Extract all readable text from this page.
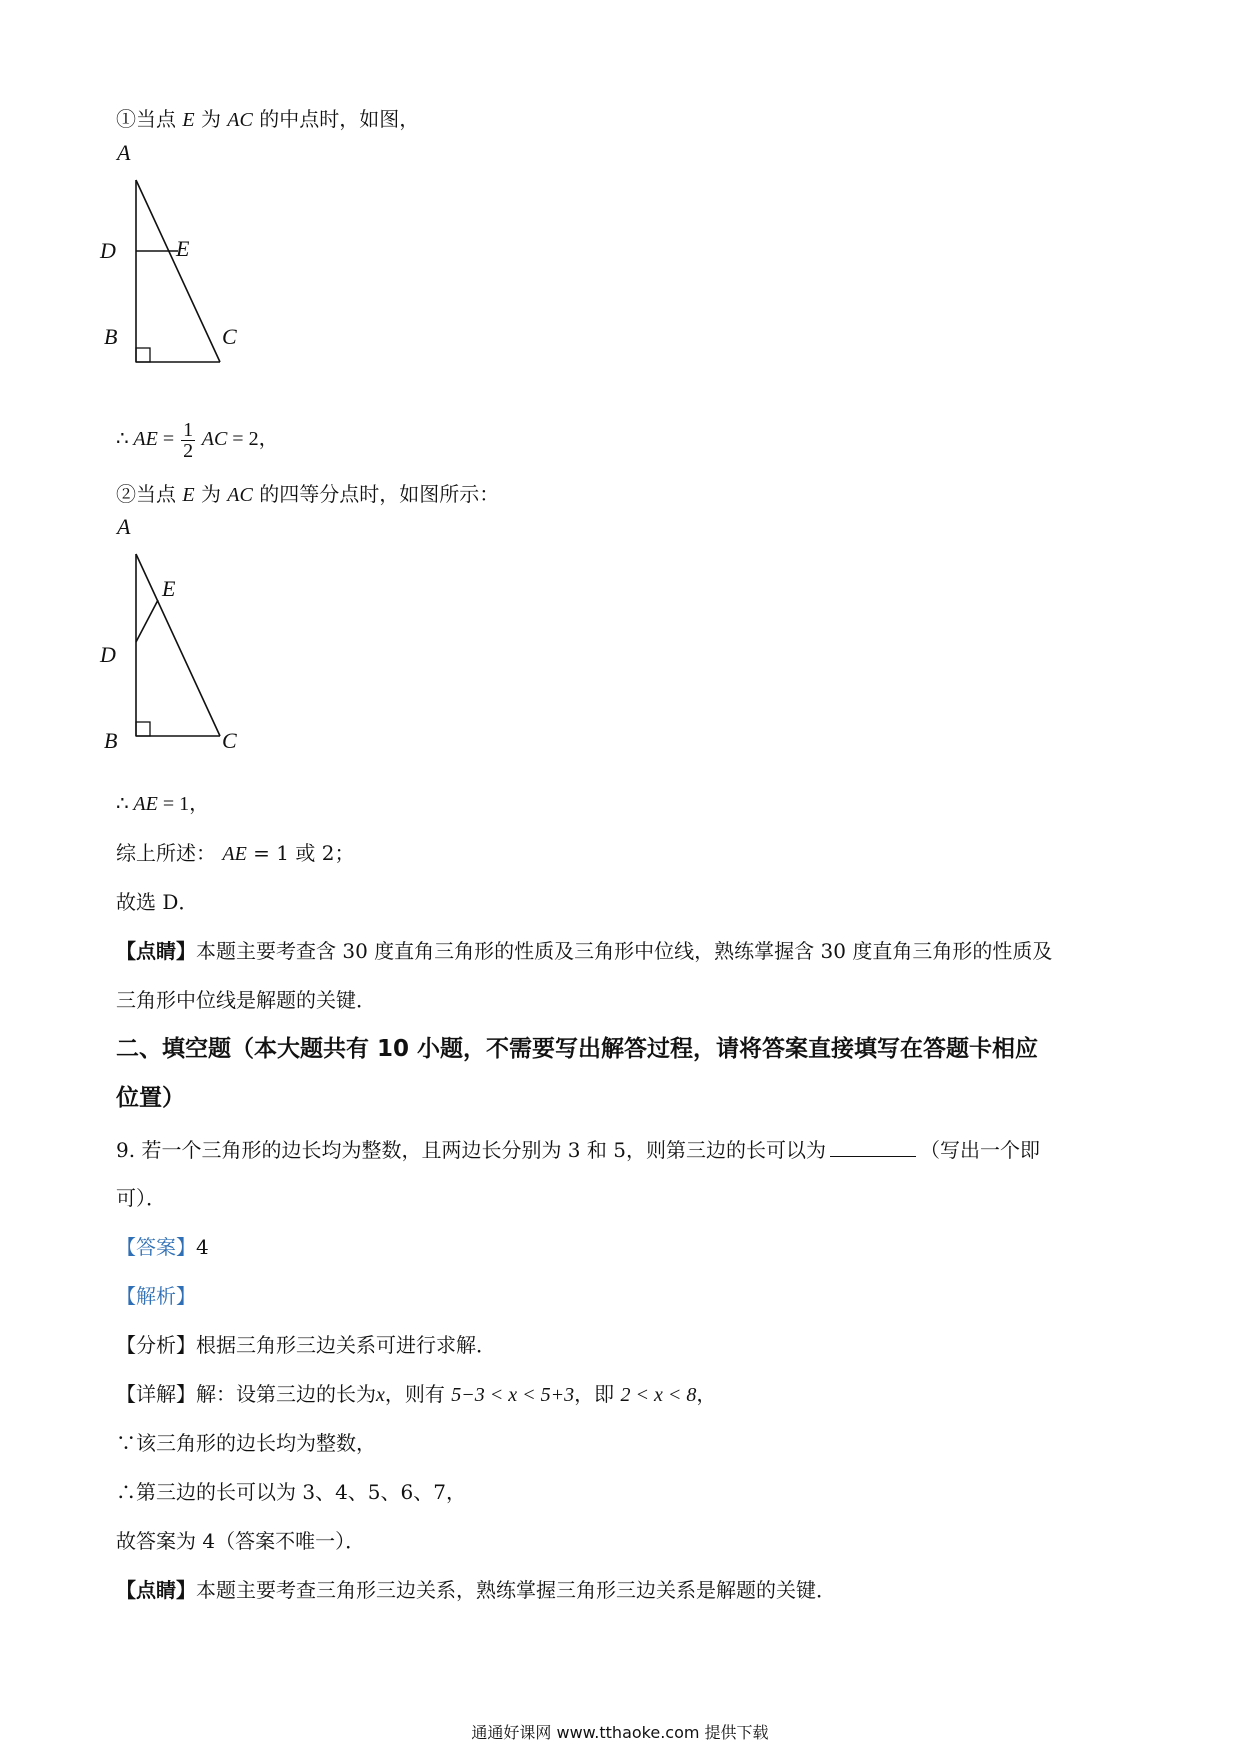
①当点 E 为 AC 的中点时，如图，
A
D	E
B	C
∴ AE = $\frac{1}{2}$ AC = 2，
②当点 E 为 AC 的四等分点时，如图所示：
A
D
E
B	C
∴ AE = 1，
综上所述： AE = 1 或 2；
故选 D．
【点睛】本题主要考查含 30 度直角三角形的性质及三角形中位线，熟练掌握含 30 度直角三角形的性质及
三角形中位线是解题的关键．
二、填空题（本大题共有 10 小题，不需要写出解答过程，请将答案直接填写在答题卡相应
位置）
9. 若一个三角形的边长均为整数，且两边长分别为 3 和 5，则第三边的长可以为	（写出一个即
可）．
【答案】4
【解析】
【分析】根据三角形三边关系可进行求解．
【详解】解：设第三边的长为x，则有 5−3 < x < 5+3，即 2 < x < 8，
∵该三角形的边长均为整数，
∴第三边的长可以为 3、4、5、6、7，
故答案为 4（答案不唯一）．
【点睛】本题主要考查三角形三边关系，熟练掌握三角形三边关系是解题的关键．
通通好课网 www.tthaoke.com 提供下载
